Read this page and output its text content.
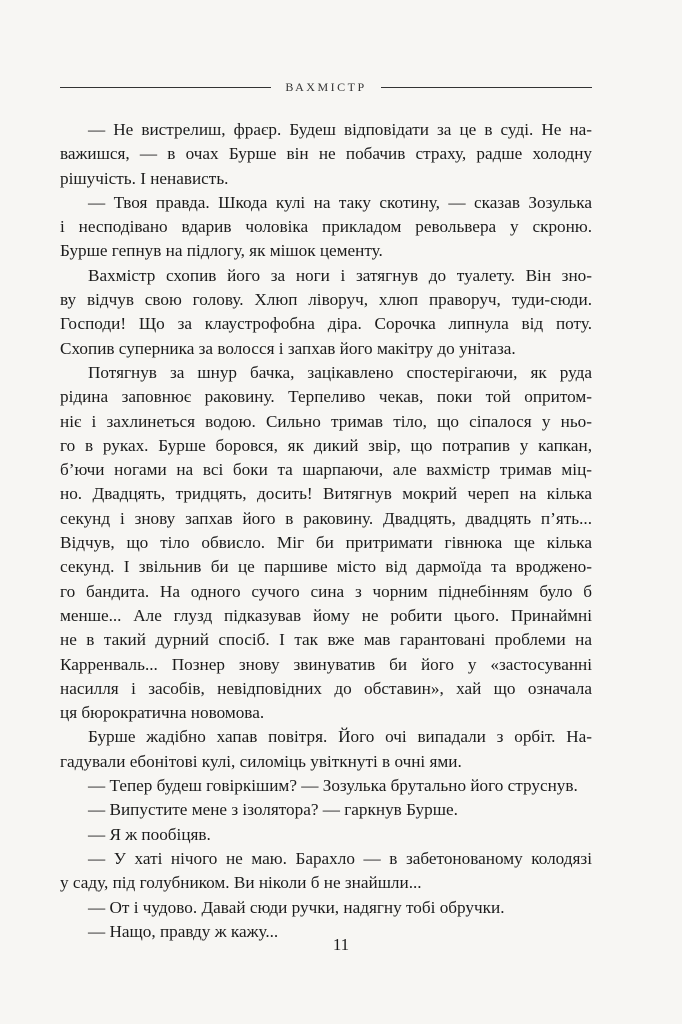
ВАХМІСТР
— Не вистрелиш, фраєр. Будеш відповідати за це в суді. Не на-
важишся, — в очах Бурше він не побачив страху, радше холодну
рішучість. І ненависть.
— Твоя правда. Шкода кулі на таку скотину, — сказав Зозулька
і несподівано вдарив чоловіка прикладом револьвера у скроню.
Бурше гепнув на підлогу, як мішок цементу.
Вахмістр схопив його за ноги і затягнув до туалету. Він зно-
ву відчув свою голову. Хлюп ліворуч, хлюп праворуч, туди-сюди.
Господи! Що за клаустрофобна діра. Сорочка липнула від поту.
Схопив суперника за волосся і запхав його макітру до унітаза.
Потягнув за шнур бачка, зацікавлено спостерігаючи, як руда
рідина заповнює раковину. Терпеливо чекав, поки той опритом-
ніє і захлинеться водою. Сильно тримав тіло, що сіпалося у ньо-
го в руках. Бурше боровся, як дикий звір, що потрапив у капкан,
б’ючи ногами на всі боки та шарпаючи, але вахмістр тримав міц-
но. Двадцять, тридцять, досить! Витягнув мокрий череп на кілька
секунд і знову запхав його в раковину. Двадцять, двадцять п’ять...
Відчув, що тіло обвисло. Міг би притримати гівнюка ще кілька
секунд. І звільнив би це паршиве місто від дармоїда та вроджено-
го бандита. На одного сучого сина з чорним піднебінням було б
менше... Але глузд підказував йому не робити цього. Принаймні
не в такий дурний спосіб. І так вже мав гарантовані проблеми на
Карренваль... Познер знову звинуватив би його у «застосуванні
насилля і засобів, невідповідних до обставин», хай що означала
ця бюрократична новомова.
Бурше жадібно хапав повітря. Його очі випадали з орбіт. На-
гадували ебонітові кулі, силоміць увіткнуті в очні ями.
— Тепер будеш говіркішим? — Зозулька брутально його струснув.
— Випустите мене з ізолятора? — гаркнув Бурше.
— Я ж пообіцяв.
— У хаті нічого не маю. Барахло — в забетонованому колодязі
у саду, під голубником. Ви ніколи б не знайшли...
— От і чудово. Давай сюди ручки, надягну тобі обручки.
— Нащо, правду ж кажу...
11
